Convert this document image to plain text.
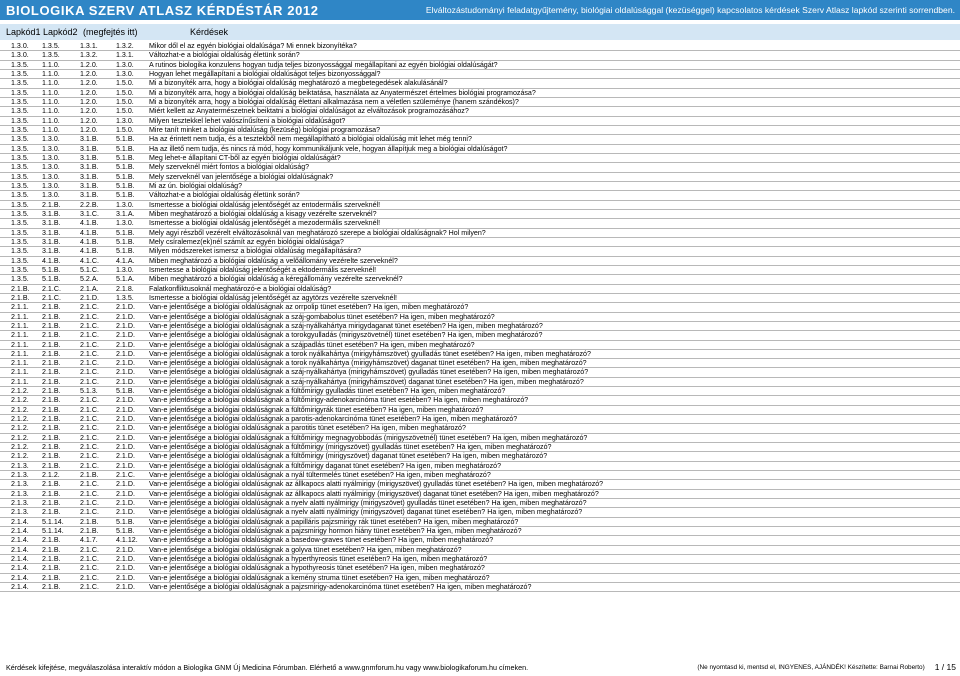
BIOLOGIKA SZERV ATLASZ KÉRDÉSTÁR 2012	Elváltozástudományi feladatgyűjtemény, biológiai oldalúsággal (kezüséggel) kapcsolatos kérdések Szerv Atlasz lapkód szerinti sorrendben.
Lapkód1 Lapkód2 (megfejtés itt)	Kérdések
1.3.0.	1.3.5.	1.3.1.	1.3.2.	Mikor dől el az egyén biológiai oldalúsága? Mi ennek bizonyítéka?
1.3.0.	1.3.5.	1.3.2.	1.3.1.	Változhat-e a biológiai oldalúság életünk során?
1.3.5.	1.1.0.	1.2.0.	1.3.0.	A rutinos biologika konzulens hogyan tudja teljes bizonyossággal megállapítani az egyén biológiai oldalúságát?
1.3.5.	1.1.0.	1.2.0.	1.3.0.	Hogyan lehet megállapítani a biológiai oldalúságot teljes bizonyossággal?
1.3.5.	1.1.0.	1.2.0.	1.5.0.	Mi a bizonyíték arra, hogy a biológiai oldalúság meghatározó a megbetegedések alakulásánál?
1.3.5.	1.1.0.	1.2.0.	1.5.0.	Mi a bizonyíték arra, hogy a biológiai oldalúság beiktatása, használata az Anyatermészet értelmes biológiai programozása?
1.3.5.	1.1.0.	1.2.0.	1.5.0.	Mi a bizonyíték arra, hogy a biológiai oldalúság élettani alkalmazása nem a véletlen szüleménye (hanem szándékos)?
1.3.5.	1.1.0.	1.2.0.	1.5.0.	Miért kellett az Anyatermészetnek beiktatni a biológiai oldalúságot az elváltozások programozásához?
1.3.5.	1.1.0.	1.2.0.	1.3.0.	Milyen tesztekkel lehet valószínűsíteni a biológiai oldalúságot?
1.3.5.	1.1.0.	1.2.0.	1.5.0.	Mire tanít minket a biológiai oldalúság (kezüség) biológiai programozása?
1.3.5.	1.3.0.	3.1.B.	5.1.B.	Ha az érintett nem tudja, és a tesztekből nem megállapítható a biológiai oldalúság mit lehet még tenni?
1.3.5.	1.3.0.	3.1.B.	5.1.B.	Ha az illető nem tudja, és nincs rá mód, hogy kommunikáljunk vele, hogyan állapítjuk meg a biológiai oldalúságot?
1.3.5.	1.3.0.	3.1.B.	5.1.B.	Meg lehet-e állapítani CT-ből az egyén biológiai oldalúságát?
1.3.5.	1.3.0.	3.1.B.	5.1.B.	Mely szerveknél miért fontos a biológiai oldalúság?
1.3.5.	1.3.0.	3.1.B.	5.1.B.	Mely szerveknél van jelentősége a biológiai oldalúságnak?
1.3.5.	1.3.0.	3.1.B.	5.1.B.	Mi az ún. biológiai oldalúság?
1.3.5.	1.3.0.	3.1.B.	5.1.B.	Változhat-e a biológiai oldalúság életünk során?
1.3.5.	2.1.B.	2.2.B.	1.3.0.	Ismertesse a biológiai oldalúság jelentőségét az entodermális szerveknél!
1.3.5.	3.1.B.	3.1.C.	3.1.A.	Miben meghatározó a biológiai oldalúság a kisagy vezérelte szerveknél?
1.3.5.	3.1.B.	4.1.B.	1.3.0.	Ismertesse a biológiai oldalúság jelentőségét a mezodermális szerveknél!
1.3.5.	3.1.B.	4.1.B.	5.1.B.	Mely agyi részből vezérelt elváltozásoknál van meghatározó szerepe a biológiai oldalúságnak? Hol milyen?
1.3.5.	3.1.B.	4.1.B.	5.1.B.	Mely csíralemez(ek)nél számít az egyén biológiai oldalúsága?
1.3.5.	3.1.B.	4.1.B.	5.1.B.	Milyen módszereket ismersz a biológiai oldalúság megállapítására?
1.3.5.	4.1.B.	4.1.C.	4.1.A.	Miben meghatározó a biológiai oldalúság a velőállomány vezérelte szerveknél?
1.3.5.	5.1.B.	5.1.C.	1.3.0.	Ismertesse a biológiai oldalúság jelentőségét a ektodermális szerveknél!
1.3.5.	5.1.B.	5.2.A.	5.1.A.	Miben meghatározó a biológiai oldalúság a kéregállomány vezérelte szerveknél?
2.1.B.	2.1.C.	2.1.A.	2.1.8.	Falatkonfliktusoknál meghatározó-e a biológiai oldalúság?
2.1.B.	2.1.C.	2.1.D.	1.3.5.	Ismertesse a biológiai oldalúság jelentőségét az agytörzs vezérelte szerveknél!
2.1.1.	2.1.B.	2.1.C.	2.1.D.	Van-e jelentősége a biológiai oldalúságnak az orrpolip tünet esetében? Ha igen, miben meghatározó?
2.1.1.	2.1.B.	2.1.C.	2.1.D.	Van-e jelentősége a biológiai oldalúságnak a száj-gombabolus tünet esetében? Ha igen, miben meghatározó?
2.1.1.	2.1.B.	2.1.C.	2.1.D.	Van-e jelentősége a biológiai oldalúságnak a száj-nyálkahártya mirigydaganat tünet esetében? Ha igen, miben meghatározó?
2.1.1.	2.1.B.	2.1.C.	2.1.D.	Van-e jelentősége a biológiai oldalúságnak a torokgyulladás (mirigyszövetnél) tünet esetében? Ha igen, miben meghatározó?
2.1.1.	2.1.B.	2.1.C.	2.1.D.	Van-e jelentősége a biológiai oldalúságnak a szájpadlás tünet esetében? Ha igen, miben meghatározó?
2.1.1.	2.1.B.	2.1.C.	2.1.D.	Van-e jelentősége a biológiai oldalúságnak a torok nyálkahártya (mirigyhámszövet) gyulladás tünet esetében? Ha igen, miben meghatározó?
2.1.1.	2.1.B.	2.1.C.	2.1.D.	Van-e jelentősége a biológiai oldalúságnak a torok nyálkahártya (mirigyhámszövet) daganat tünet esetében? Ha igen, miben meghatározó?
2.1.1.	2.1.B.	2.1.C.	2.1.D.	Van-e jelentősége a biológiai oldalúságnak a száj-nyálkahártya (mirigyhámszövet) gyulladás tünet esetében? Ha igen, miben meghatározó?
2.1.1.	2.1.B.	2.1.C.	2.1.D.	Van-e jelentősége a biológiai oldalúságnak a száj-nyálkahártya (mirigyhámszövet) daganat tünet esetében? Ha igen, miben meghatározó?
2.1.2.	2.1.B.	5.1.3.	5.1.B.	Van-e jelentősége a biológiai oldalúságnak a fültőmirigy gyulladás tünet esetében? Ha igen, miben meghatározó?
2.1.2.	2.1.B.	2.1.C.	2.1.D.	Van-e jelentősége a biológiai oldalúságnak a fültőmirigy-adenokarcinóma tünet esetében? Ha igen, miben meghatározó?
2.1.2.	2.1.B.	2.1.C.	2.1.D.	Van-e jelentősége a biológiai oldalúságnak a fültőmirigyrák tünet esetében? Ha igen, miben meghatározó?
2.1.2.	2.1.B.	2.1.C.	2.1.D.	Van-e jelentősége a biológiai oldalúságnak a parotis-adenokarcinóma tünet esetében? Ha igen, miben meghatározó?
2.1.2.	2.1.B.	2.1.C.	2.1.D.	Van-e jelentősége a biológiai oldalúságnak a parotitis tünet esetében? Ha igen, miben meghatározó?
2.1.2.	2.1.B.	2.1.C.	2.1.D.	Van-e jelentősége a biológiai oldalúságnak a fültőmirigy megnagyobbodás (mirigyszövetnél) tünet esetében? Ha igen, miben meghatározó?
2.1.2.	2.1.B.	2.1.C.	2.1.D.	Van-e jelentősége a biológiai oldalúságnak a fültőmirigy (mirigyszövet) gyulladás tünet esetében? Ha igen, miben meghatározó?
2.1.2.	2.1.B.	2.1.C.	2.1.D.	Van-e jelentősége a biológiai oldalúságnak a fültőmirigy (mirigyszövet) daganat tünet esetében? Ha igen, miben meghatározó?
2.1.3.	2.1.B.	2.1.C.	2.1.D.	Van-e jelentősége a biológiai oldalúságnak a fültőmirigy daganat tünet esetében? Ha igen, miben meghatározó?
2.1.3.	2.1.2.	2.1.B.	2.1.C.	Van-e jelentősége a biológiai oldalúságnak a nyál tültermelés tünet esetében? Ha igen, miben meghatározó?
2.1.3.	2.1.B.	2.1.C.	2.1.D.	Van-e jelentősége a biológiai oldalúságnak az állkapocs alatti nyálmirigy (mirigyszövet) gyulladás tünet esetében? Ha igen, miben meghatározó?
2.1.3.	2.1.B.	2.1.C.	2.1.D.	Van-e jelentősége a biológiai oldalúságnak az állkapocs alatti nyálmirigy (mirigyszövet) daganat tünet esetében? Ha igen, miben meghatározó?
2.1.3.	2.1.B.	2.1.C.	2.1.D.	Van-e jelentősége a biológiai oldalúságnak a nyelv alatti nyálmirigy (mirigyszövet) gyulladás tünet esetében? Ha igen, miben meghatározó?
2.1.3.	2.1.B.	2.1.C.	2.1.D.	Van-e jelentősége a biológiai oldalúságnak a nyelv alatti nyálmirigy (mirigyszövet) daganat tünet esetében? Ha igen, miben meghatározó?
2.1.4.	5.1.14.	2.1.B.	5.1.B.	Van-e jelentősége a biológiai oldalúságnak a papilláris pajzsmirigy rák tünet esetében? Ha igen, miben meghatározó?
2.1.4.	5.1.14.	2.1.B.	5.1.B.	Van-e jelentősége a biológiai oldalúságnak a pajzsmirigy hormon hiány tünet esetében? Ha igen, miben meghatározó?
2.1.4.	2.1.B.	4.1.7.	4.1.12.	Van-e jelentősége a biológiai oldalúságnak a basedow-graves tünet esetében? Ha igen, miben meghatározó?
2.1.4.	2.1.B.	2.1.C.	2.1.D.	Van-e jelentősége a biológiai oldalúságnak a golyva tünet esetében? Ha igen, miben meghatározó?
2.1.4.	2.1.B.	2.1.C.	2.1.D.	Van-e jelentősége a biológiai oldalúságnak a hyperthyreosis tünet esetében? Ha igen, miben meghatározó?
2.1.4.	2.1.B.	2.1.C.	2.1.D.	Van-e jelentősége a biológiai oldalúságnak a hypothyreosis tünet esetében? Ha igen, miben meghatározó?
2.1.4.	2.1.B.	2.1.C.	2.1.D.	Van-e jelentősége a biológiai oldalúságnak a kemény struma tünet esetében? Ha igen, miben meghatározó?
2.1.4.	2.1.B.	2.1.C.	2.1.D.	Van-e jelentősége a biológiai oldalúságnak a pajzsmirigy-adenokarcinóma tünet esetében? Ha igen, miben meghatározó?
Kérdések kifejtése, megválaszolása interaktív módon a Biologika GNM Új Medicina Fórumban. Elérhető a www.gnmforum.hu vagy www.biologikaforum.hu címeken.	(Ne nyomtasd ki, mentsd el, INGYENES, AJÁNDÉK! Készítette: Barnai Roberto) 1 / 15
